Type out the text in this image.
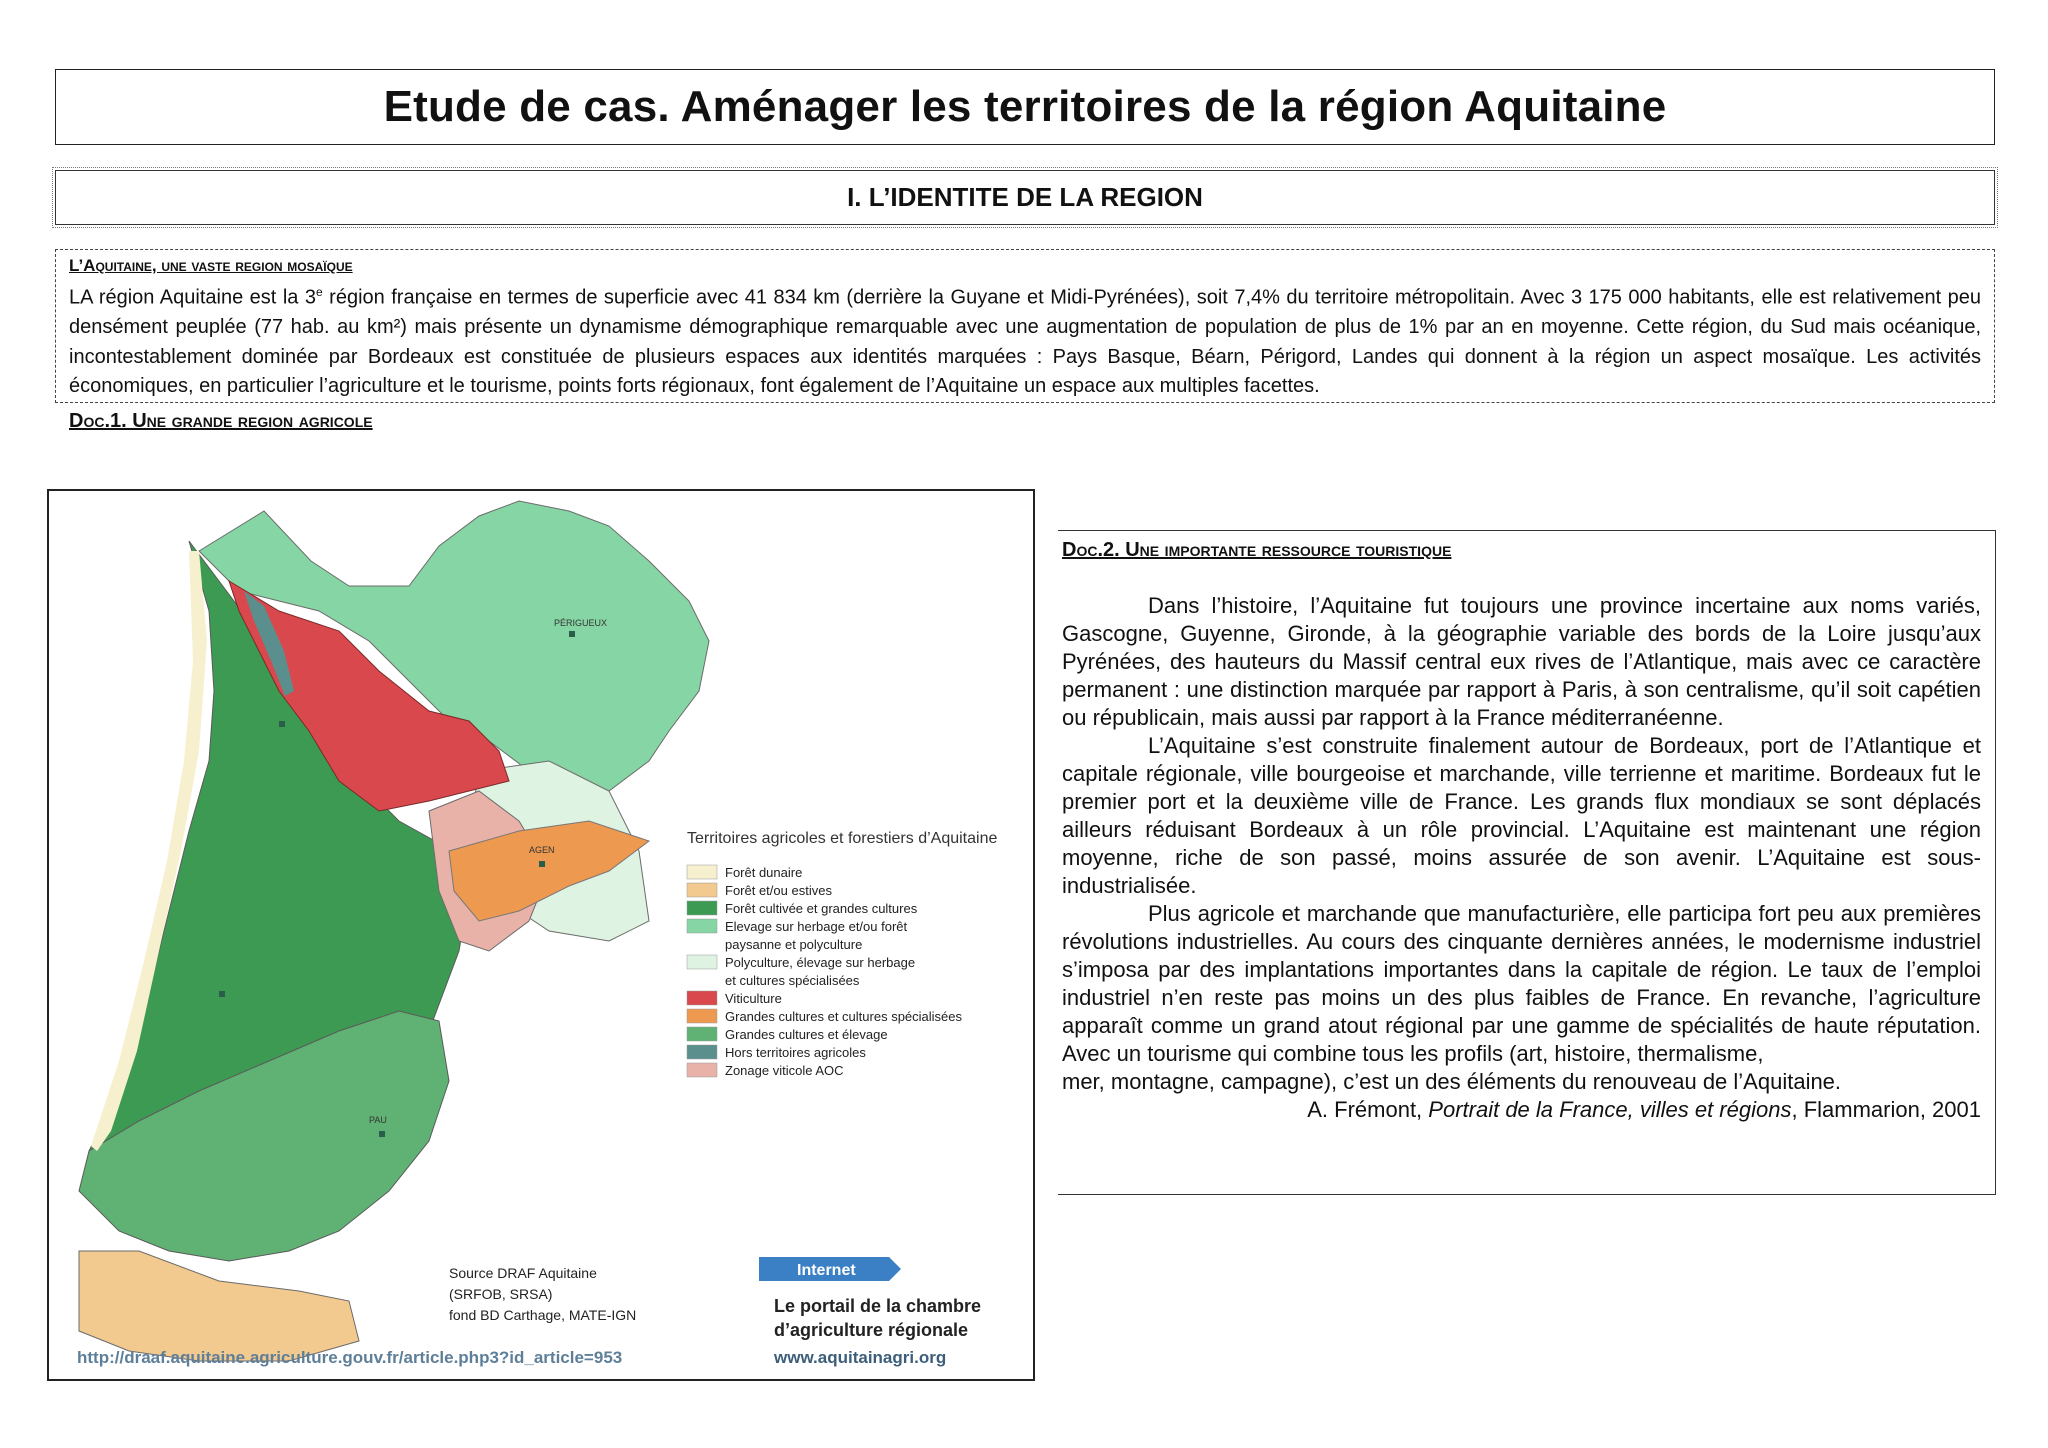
Etude de cas. Aménager les territoires de la région Aquitaine
I. L’IDENTITE DE LA REGION
L’Aquitaine, une vaste region mosaïque

LA région Aquitaine est la 3e région française en termes de superficie avec 41 834 km (derrière la Guyane et Midi-Pyrénées), soit 7,4% du territoire métropolitain. Avec 3 175 000 habitants, elle est relativement peu densément peuplée (77 hab. au km²) mais présente un dynamisme démographique remarquable avec une augmentation de population de plus de 1% par an en moyenne. Cette région, du Sud mais océanique, incontestablement dominée par Bordeaux est constituée de plusieurs espaces aux identités marquées : Pays Basque, Béarn, Périgord, Landes qui donnent à la région un aspect mosaïque. Les activités économiques, en particulier l’agriculture et le tourisme, points forts régionaux, font également de l’Aquitaine un espace aux multiples facettes.

Doc.1. Une grande region agricole
PÉRIGUEUX
AGEN
PAU
Territoires agricoles et forestiers d’Aquitaine
Forêt dunaire
Forêt et/ou estives
Forêt cultivée et grandes cultures
Elevage sur herbage et/ou forêt
paysanne et polyculture
Polyculture, élevage sur herbage
et cultures spécialisées
Viticulture
Grandes cultures et cultures spécialisées
Grandes cultures et élevage
Hors territoires agricoles
Zonage viticole AOC
Source DRAF Aquitaine
(SRFOB, SRSA)
fond BD Carthage, MATE-IGN
Internet
Le portail de la chambre
d’agriculture régionale
www.aquitainagri.org
http://draaf.aquitaine.agriculture.gouv.fr/article.php3?id_article=953
Doc.2. Une importante ressource touristique

Dans l’histoire, l’Aquitaine fut toujours une province incertaine aux noms variés, Gascogne, Guyenne, Gironde, à la géographie variable des bords de la Loire jusqu’aux Pyrénées, des hauteurs du Massif central eux rives de l’Atlantique, mais avec ce caractère permanent : une distinction marquée par rapport à Paris, à son centralisme, qu’il soit capétien ou républicain, mais aussi par rapport à la France méditerranéenne.

L’Aquitaine s’est construite finalement autour de Bordeaux, port de l’Atlantique et capitale régionale, ville bourgeoise et marchande, ville terrienne et maritime. Bordeaux fut le premier port et la deuxième ville de France. Les grands flux mondiaux se sont déplacés ailleurs réduisant Bordeaux à un rôle provincial. L’Aquitaine est maintenant une région moyenne, riche de son passé, moins assurée de son avenir. L’Aquitaine est sous-industrialisée.

Plus agricole et marchande que manufacturière, elle participa fort peu aux premières révolutions industrielles. Au cours des cinquante dernières années, le modernisme industriel s’imposa par des implantations importantes dans la capitale de région. Le taux de l’emploi industriel n’en reste pas moins un des plus faibles de France. En revanche, l’agriculture apparaît comme un grand atout régional par une gamme de spécialités de haute réputation. Avec un tourisme qui combine tous les profils (art, histoire, thermalisme,

mer, montagne, campagne), c’est un des éléments du renouveau de l’Aquitaine.

A. Frémont, Portrait de la France, villes et régions, Flammarion, 2001
